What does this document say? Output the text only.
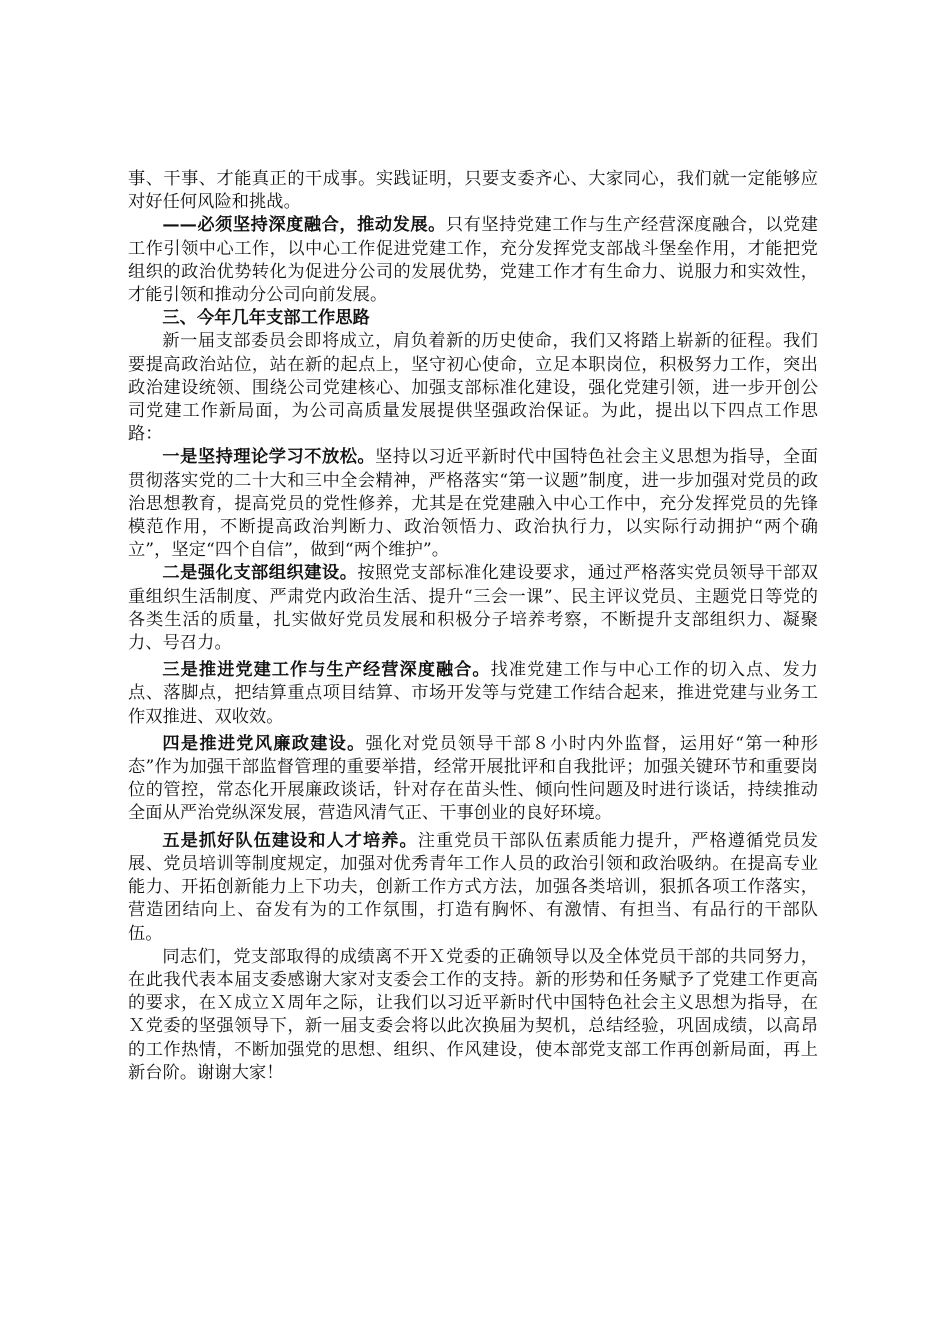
事、干事、才能真正的干成事。实践证明，只要支委齐心、大家同心，我们就一定能够应对好任何风险和挑战。

——必须坚持深度融合，推动发展。只有坚持党建工作与生产经营深度融合，以党建工作引领中心工作，以中心工作促进党建工作，充分发挥党支部战斗堡垒作用，才能把党组织的政治优势转化为促进分公司的发展优势，党建工作才有生命力、说服力和实效性，才能引领和推动分公司向前发展。

三、今年几年支部工作思路

新一届支部委员会即将成立，肩负着新的历史使命，我们又将踏上崭新的征程。我们要提高政治站位，站在新的起点上，坚守初心使命，立足本职岗位，积极努力工作，突出政治建设统领、围绕公司党建核心、加强支部标准化建设，强化党建引领，进一步开创公司党建工作新局面，为公司高质量发展提供坚强政治保证。为此，提出以下四点工作思路：

一是坚持理论学习不放松。坚持以习近平新时代中国特色社会主义思想为指导，全面贯彻落实党的二十大和三中全会精神，严格落实“第一议题”制度，进一步加强对党员的政治思想教育，提高党员的党性修养，尤其是在党建融入中心工作中，充分发挥党员的先锋模范作用，不断提高政治判断力、政治领悟力、政治执行力，以实际行动拥护“两个确立”，坚定“四个自信”，做到“两个维护”。

二是强化支部组织建设。按照党支部标准化建设要求，通过严格落实党员领导干部双重组织生活制度、严肃党内政治生活、提升“三会一课”、民主评议党员、主题党日等党的各类生活的质量，扎实做好党员发展和积极分子培养考察，不断提升支部组织力、凝聚力、号召力。

三是推进党建工作与生产经营深度融合。找准党建工作与中心工作的切入点、发力点、落脚点，把结算重点项目结算、市场开发等与党建工作结合起来，推进党建与业务工作双推进、双收效。

四是推进党风廉政建设。强化对党员领导干部８小时内外监督，运用好“第一种形态”作为加强干部监督管理的重要举措，经常开展批评和自我批评；加强关键环节和重要岗位的管控，常态化开展廉政谈话，针对存在苗头性、倾向性问题及时进行谈话，持续推动全面从严治党纵深发展，营造风清气正、干事创业的良好环境。

五是抓好队伍建设和人才培养。注重党员干部队伍素质能力提升，严格遵循党员发展、党员培训等制度规定，加强对优秀青年工作人员的政治引领和政治吸纳。在提高专业能力、开拓创新能力上下功夫，创新工作方式方法，加强各类培训，狠抓各项工作落实，营造团结向上、奋发有为的工作氛围，打造有胸怀、有激情、有担当、有品行的干部队伍。

同志们，党支部取得的成绩离不开Ｘ党委的正确领导以及全体党员干部的共同努力，在此我代表本届支委感谢大家对支委会工作的支持。新的形势和任务赋予了党建工作更高的要求，在Ｘ成立Ｘ周年之际，让我们以习近平新时代中国特色社会主义思想为指导，在Ｘ党委的坚强领导下，新一届支委会将以此次换届为契机，总结经验，巩固成绩，以高昂的工作热情，不断加强党的思想、组织、作风建设，使本部党支部工作再创新局面，再上新台阶。谢谢大家！
